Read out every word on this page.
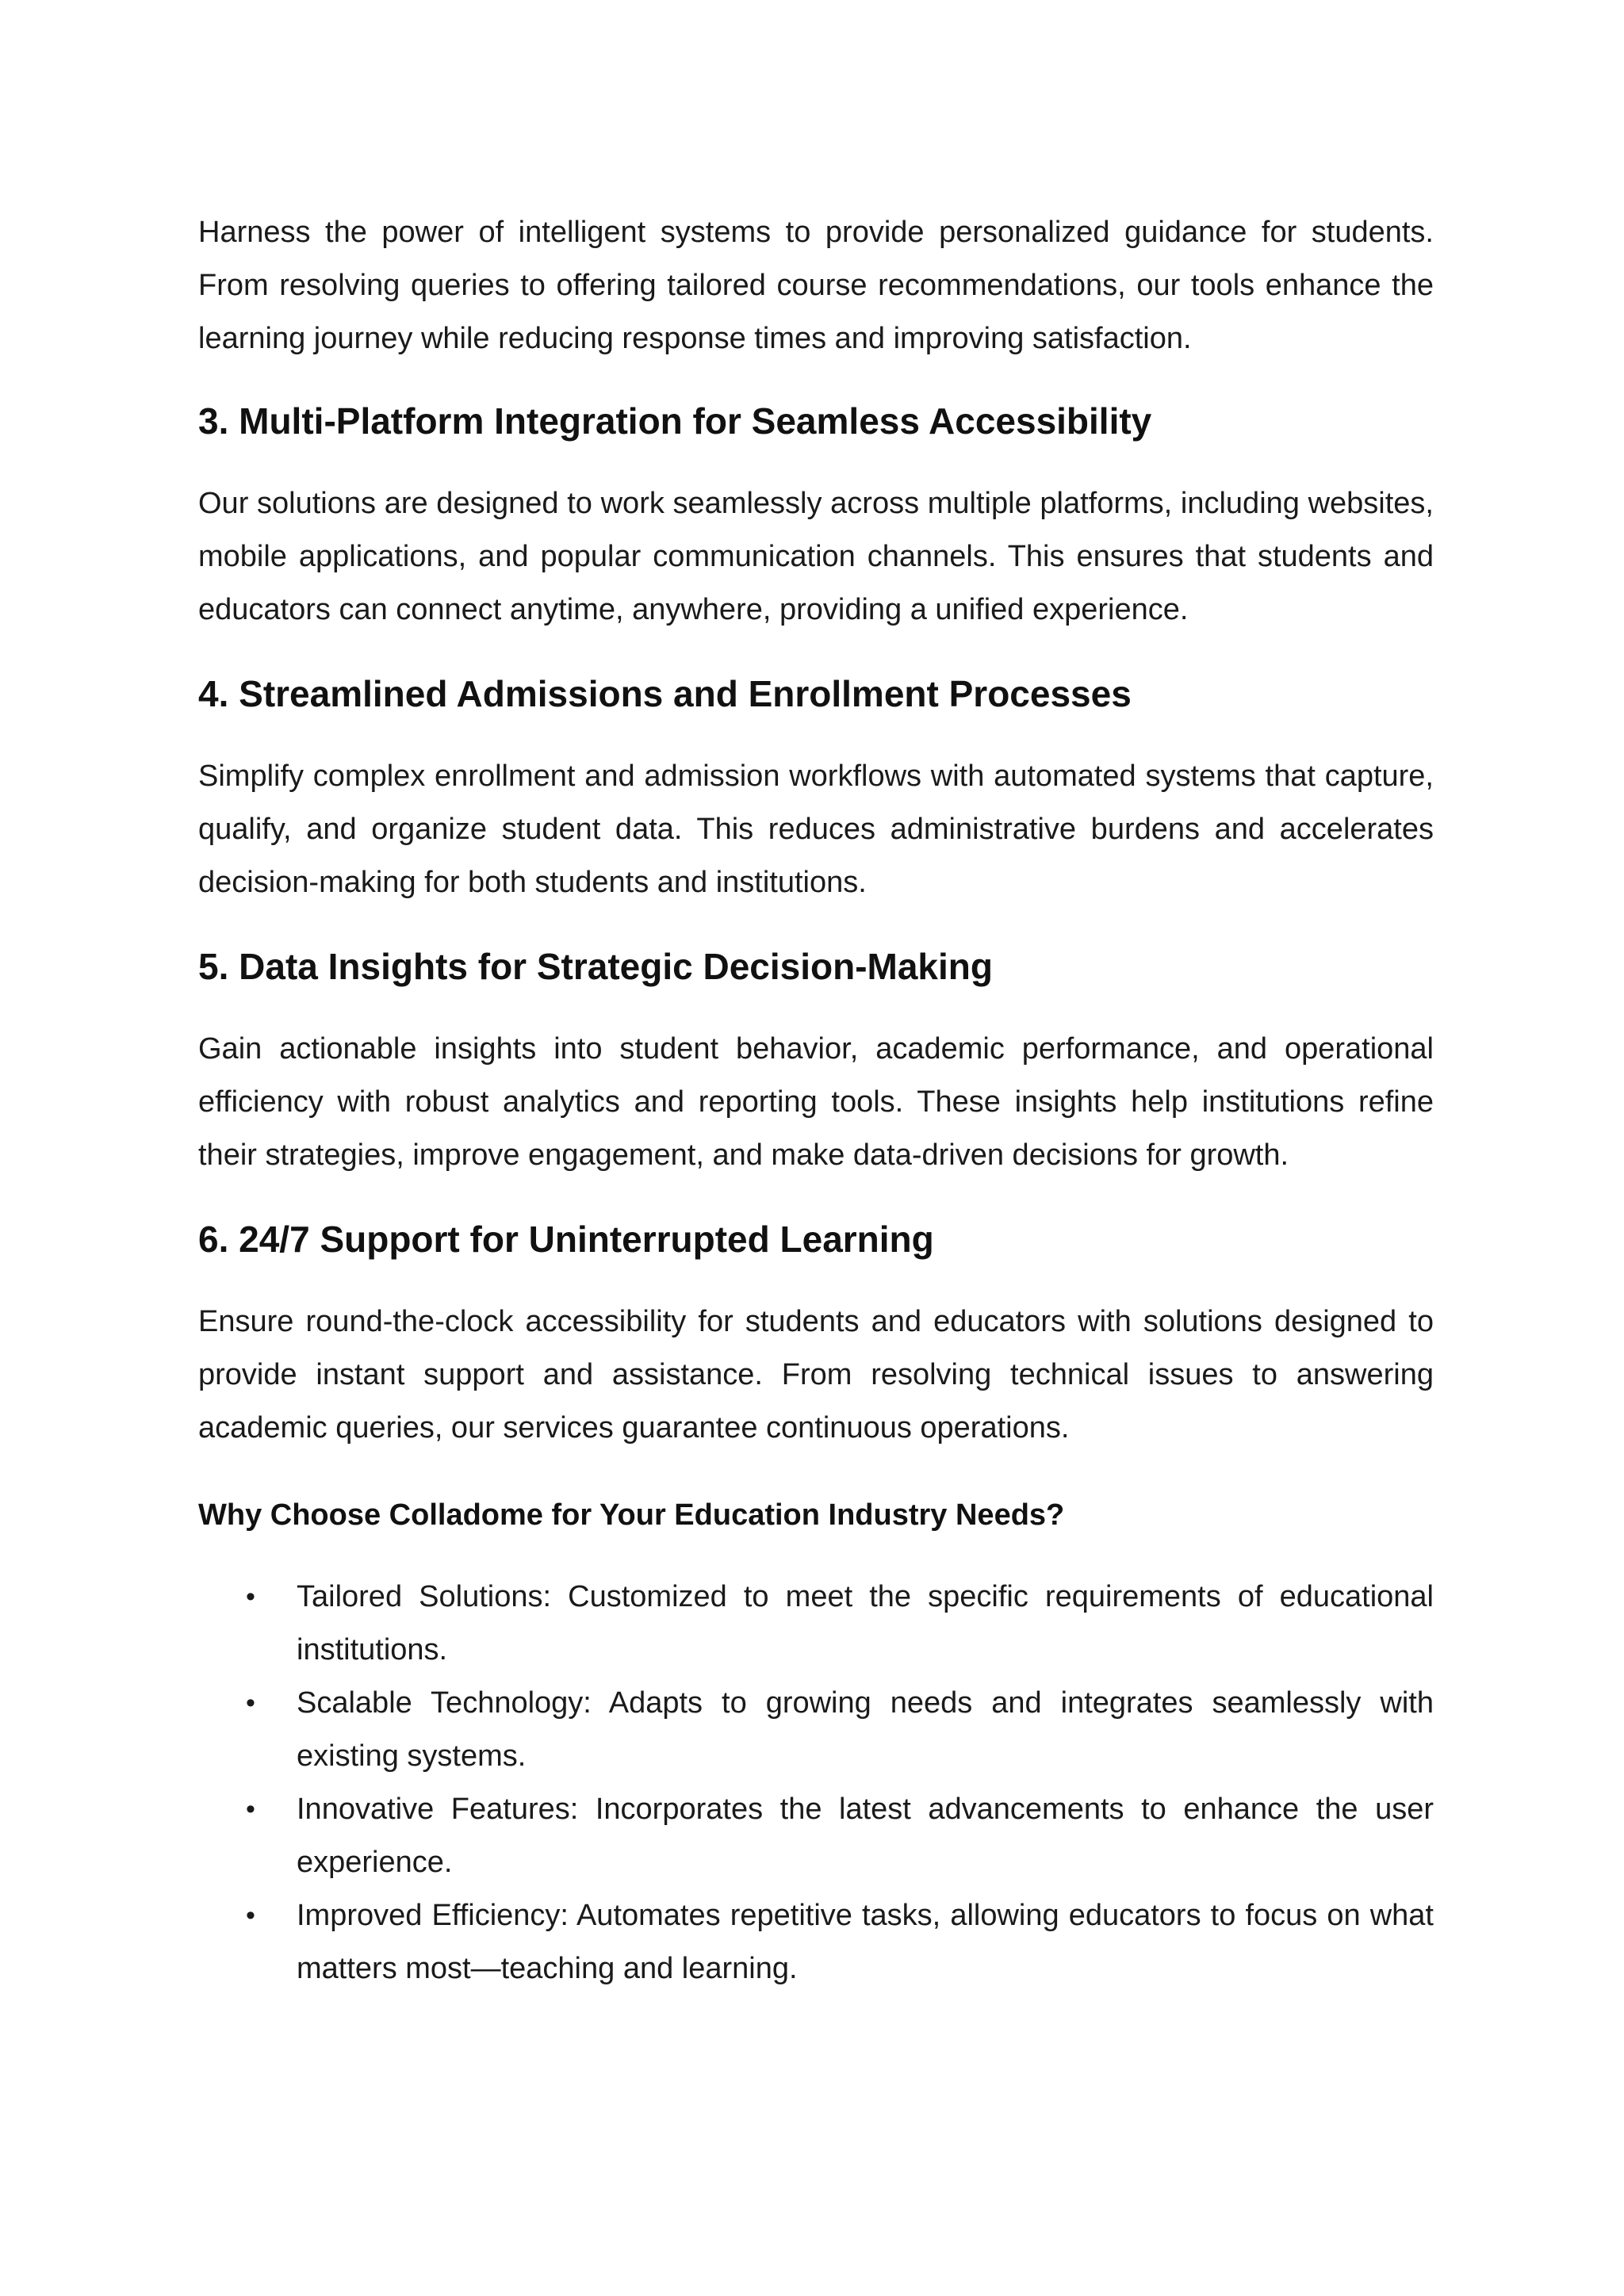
Harness the power of intelligent systems to provide personalized guidance for students. From resolving queries to offering tailored course recommendations, our tools enhance the learning journey while reducing response times and improving satisfaction.

3. Multi-Platform Integration for Seamless Accessibility

Our solutions are designed to work seamlessly across multiple platforms, including websites, mobile applications, and popular communication channels. This ensures that students and educators can connect anytime, anywhere, providing a unified experience.

4. Streamlined Admissions and Enrollment Processes

Simplify complex enrollment and admission workflows with automated systems that capture, qualify, and organize student data. This reduces administrative burdens and accelerates decision-making for both students and institutions.

5. Data Insights for Strategic Decision-Making

Gain actionable insights into student behavior, academic performance, and operational efficiency with robust analytics and reporting tools. These insights help institutions refine their strategies, improve engagement, and make data-driven decisions for growth.

6. 24/7 Support for Uninterrupted Learning

Ensure round-the-clock accessibility for students and educators with solutions designed to provide instant support and assistance. From resolving technical issues to answering academic queries, our services guarantee continuous operations.

Why Choose Colladome for Your Education Industry Needs?
•	Tailored Solutions: Customized to meet the specific requirements of educational institutions.
•	Scalable Technology: Adapts to growing needs and integrates seamlessly with existing systems.
•	Innovative Features: Incorporates the latest advancements to enhance the user experience.
•	Improved Efficiency: Automates repetitive tasks, allowing educators to focus on what matters most—teaching and learning.
